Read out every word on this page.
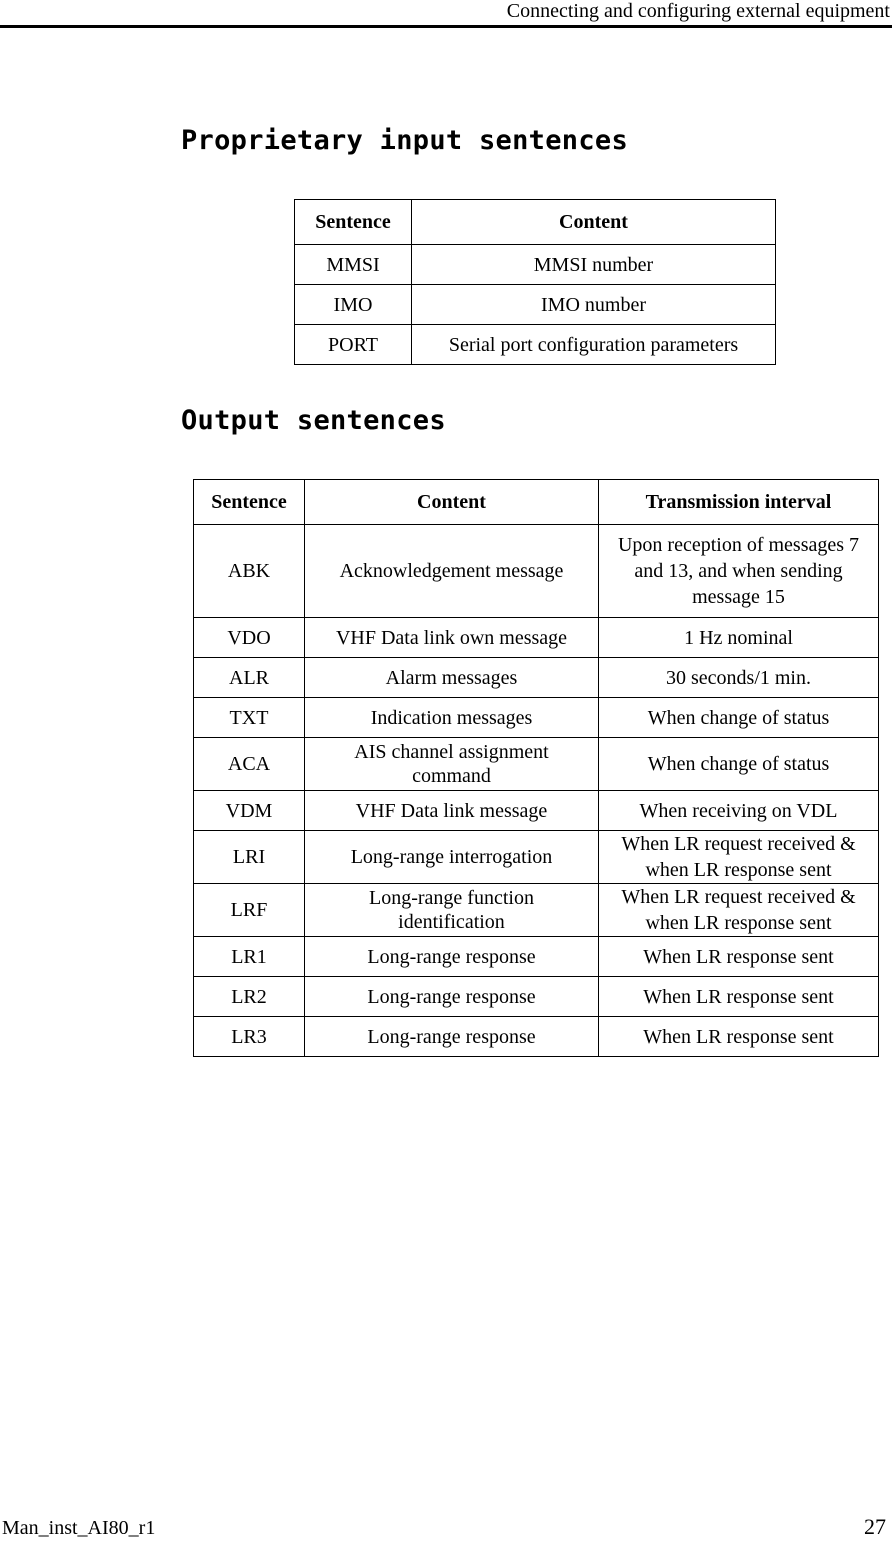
Connecting and configuring external equipment
Proprietary input sentences
Sentence	Content
MMSI	MMSI number
IMO	IMO number
PORT	Serial port configuration parameters
Output sentences
Sentence	Content	Transmission interval
ABK	Acknowledgement message	Upon reception of messages 7 and 13, and when sending message 15
VDO	VHF Data link own message	1 Hz nominal
ALR	Alarm messages	30 seconds/1 min.
TXT	Indication messages	When change of status
ACA	AIS channel assignment command	When change of status
VDM	VHF Data link message	When receiving on VDL
LRI	Long-range interrogation	When LR request received & when LR response sent
LRF	Long-range function identification	When LR request received & when LR response sent
LR1	Long-range response	When LR response sent
LR2	Long-range response	When LR response sent
LR3	Long-range response	When LR response sent
Man_inst_AI80_r1	27
